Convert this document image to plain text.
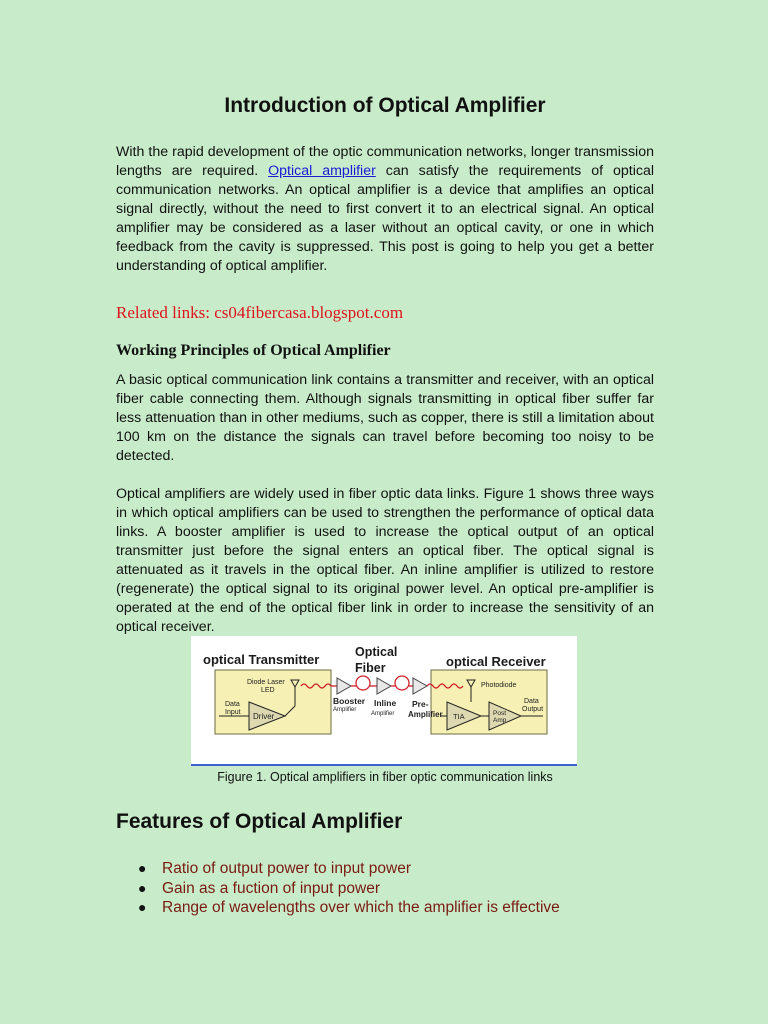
Introduction of Optical Amplifier

With the rapid development of the optic communication networks, longer transmission lengths are required. Optical amplifier can satisfy the requirements of optical communication networks. An optical amplifier is a device that amplifies an optical signal directly, without the need to first convert it to an electrical signal. An optical amplifier may be considered as a laser without an optical cavity, or one in which feedback from the cavity is suppressed. This post is going to help you get a better understanding of optical amplifier.

Related links: cs04fibercasa.blogspot.com

Working Principles of Optical Amplifier

A basic optical communication link contains a transmitter and receiver, with an optical fiber cable connecting them. Although signals transmitting in optical fiber suffer far less attenuation than in other mediums, such as copper, there is still a limitation about 100 km on the distance the signals can travel before becoming too noisy to be detected.

Optical amplifiers are widely used in fiber optic data links. Figure 1 shows three ways in which optical amplifiers can be used to strengthen the performance of optical data links. A booster amplifier is used to increase the optical output of an optical transmitter just before the signal enters an optical fiber. The optical signal is attenuated as it travels in the optical fiber. An inline amplifier is utilized to restore (regenerate) the optical signal to its original power level. An optical pre-amplifier is operated at the end of the optical fiber link in order to increase the sensitivity of an optical receiver.

optical Transmitter	Optical
Fiber	optical Receiver
Diode Laser
LED
Data
Input Driver
Booster
Amplifier
Inline
Amplifier
Pre-
Amplifier
Photodiode
TIA	Post
Amp
Data
Output
Figure 1. Optical amplifiers in fiber optic communication links
Features of Optical Amplifier
● Ratio of output power to input power
● Gain as a fuction of input power
● Range of wavelengths over which the amplifier is effective
